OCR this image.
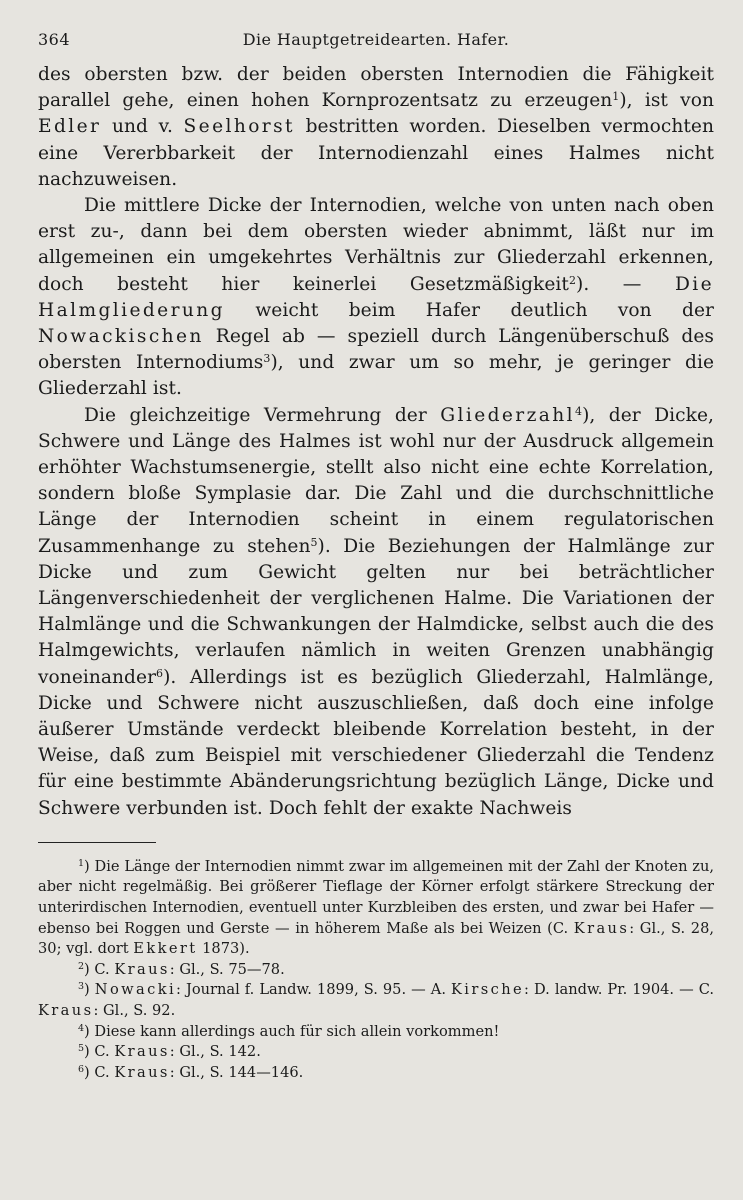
364	Die Hauptgetreidearten. Hafer.

des obersten bzw. der beiden obersten Internodien die Fähigkeit parallel gehe, einen hohen Kornprozentsatz zu erzeugen$^1$), ist von Edler und v. Seelhorst bestritten worden. Dieselben vermochten eine Vererbbarkeit der Internodienzahl eines Halmes nicht nachzuweisen.

Die mittlere Dicke der Internodien, welche von unten nach oben erst zu-, dann bei dem obersten wieder abnimmt, läßt nur im allgemeinen ein umgekehrtes Verhältnis zur Gliederzahl erkennen, doch besteht hier keinerlei Gesetzmäßigkeit$^2$). — Die Halmgliederung weicht beim Hafer deutlich von der Nowackischen Regel ab — speziell durch Längenüberschuß des obersten Internodiums$^3$), und zwar um so mehr, je geringer die Gliederzahl ist.

Die gleichzeitige Vermehrung der Gliederzahl$^4$), der Dicke, Schwere und Länge des Halmes ist wohl nur der Ausdruck allgemein erhöhter Wachstumsenergie, stellt also nicht eine echte Korrelation, sondern bloße Symplasie dar. Die Zahl und die durchschnittliche Länge der Internodien scheint in einem regulatorischen Zusammenhange zu stehen$^5$). Die Beziehungen der Halmlänge zur Dicke und zum Gewicht gelten nur bei beträchtlicher Längenverschiedenheit der verglichenen Halme. Die Variationen der Halmlänge und die Schwankungen der Halmdicke, selbst auch die des Halmgewichts, verlaufen nämlich in weiten Grenzen unabhängig voneinander$^6$). Allerdings ist es bezüglich Gliederzahl, Halmlänge, Dicke und Schwere nicht auszuschließen, daß doch eine infolge äußerer Umstände verdeckt bleibende Korrelation besteht, in der Weise, daß zum Beispiel mit verschiedener Gliederzahl die Tendenz für eine bestimmte Abänderungsrichtung bezüglich Länge, Dicke und Schwere verbunden ist. Doch fehlt der exakte Nachweis

$^1$) Die Länge der Internodien nimmt zwar im allgemeinen mit der Zahl der Knoten zu, aber nicht regelmäßig. Bei größerer Tieflage der Körner erfolgt stärkere Streckung der unterirdischen Internodien, eventuell unter Kurzbleiben des ersten, und zwar bei Hafer — ebenso bei Roggen und Gerste — in höherem Maße als bei Weizen (C. Kraus: Gl., S. 28, 30; vgl. dort Ekkert 1873).

$^2$) C. Kraus: Gl., S. 75—78.

$^3$) Nowacki: Journal f. Landw. 1899, S. 95. — A. Kirsche: D. landw. Pr. 1904. — C. Kraus: Gl., S. 92.

$^4$) Diese kann allerdings auch für sich allein vorkommen!

$^5$) C. Kraus: Gl., S. 142.

$^6$) C. Kraus: Gl., S. 144—146.
